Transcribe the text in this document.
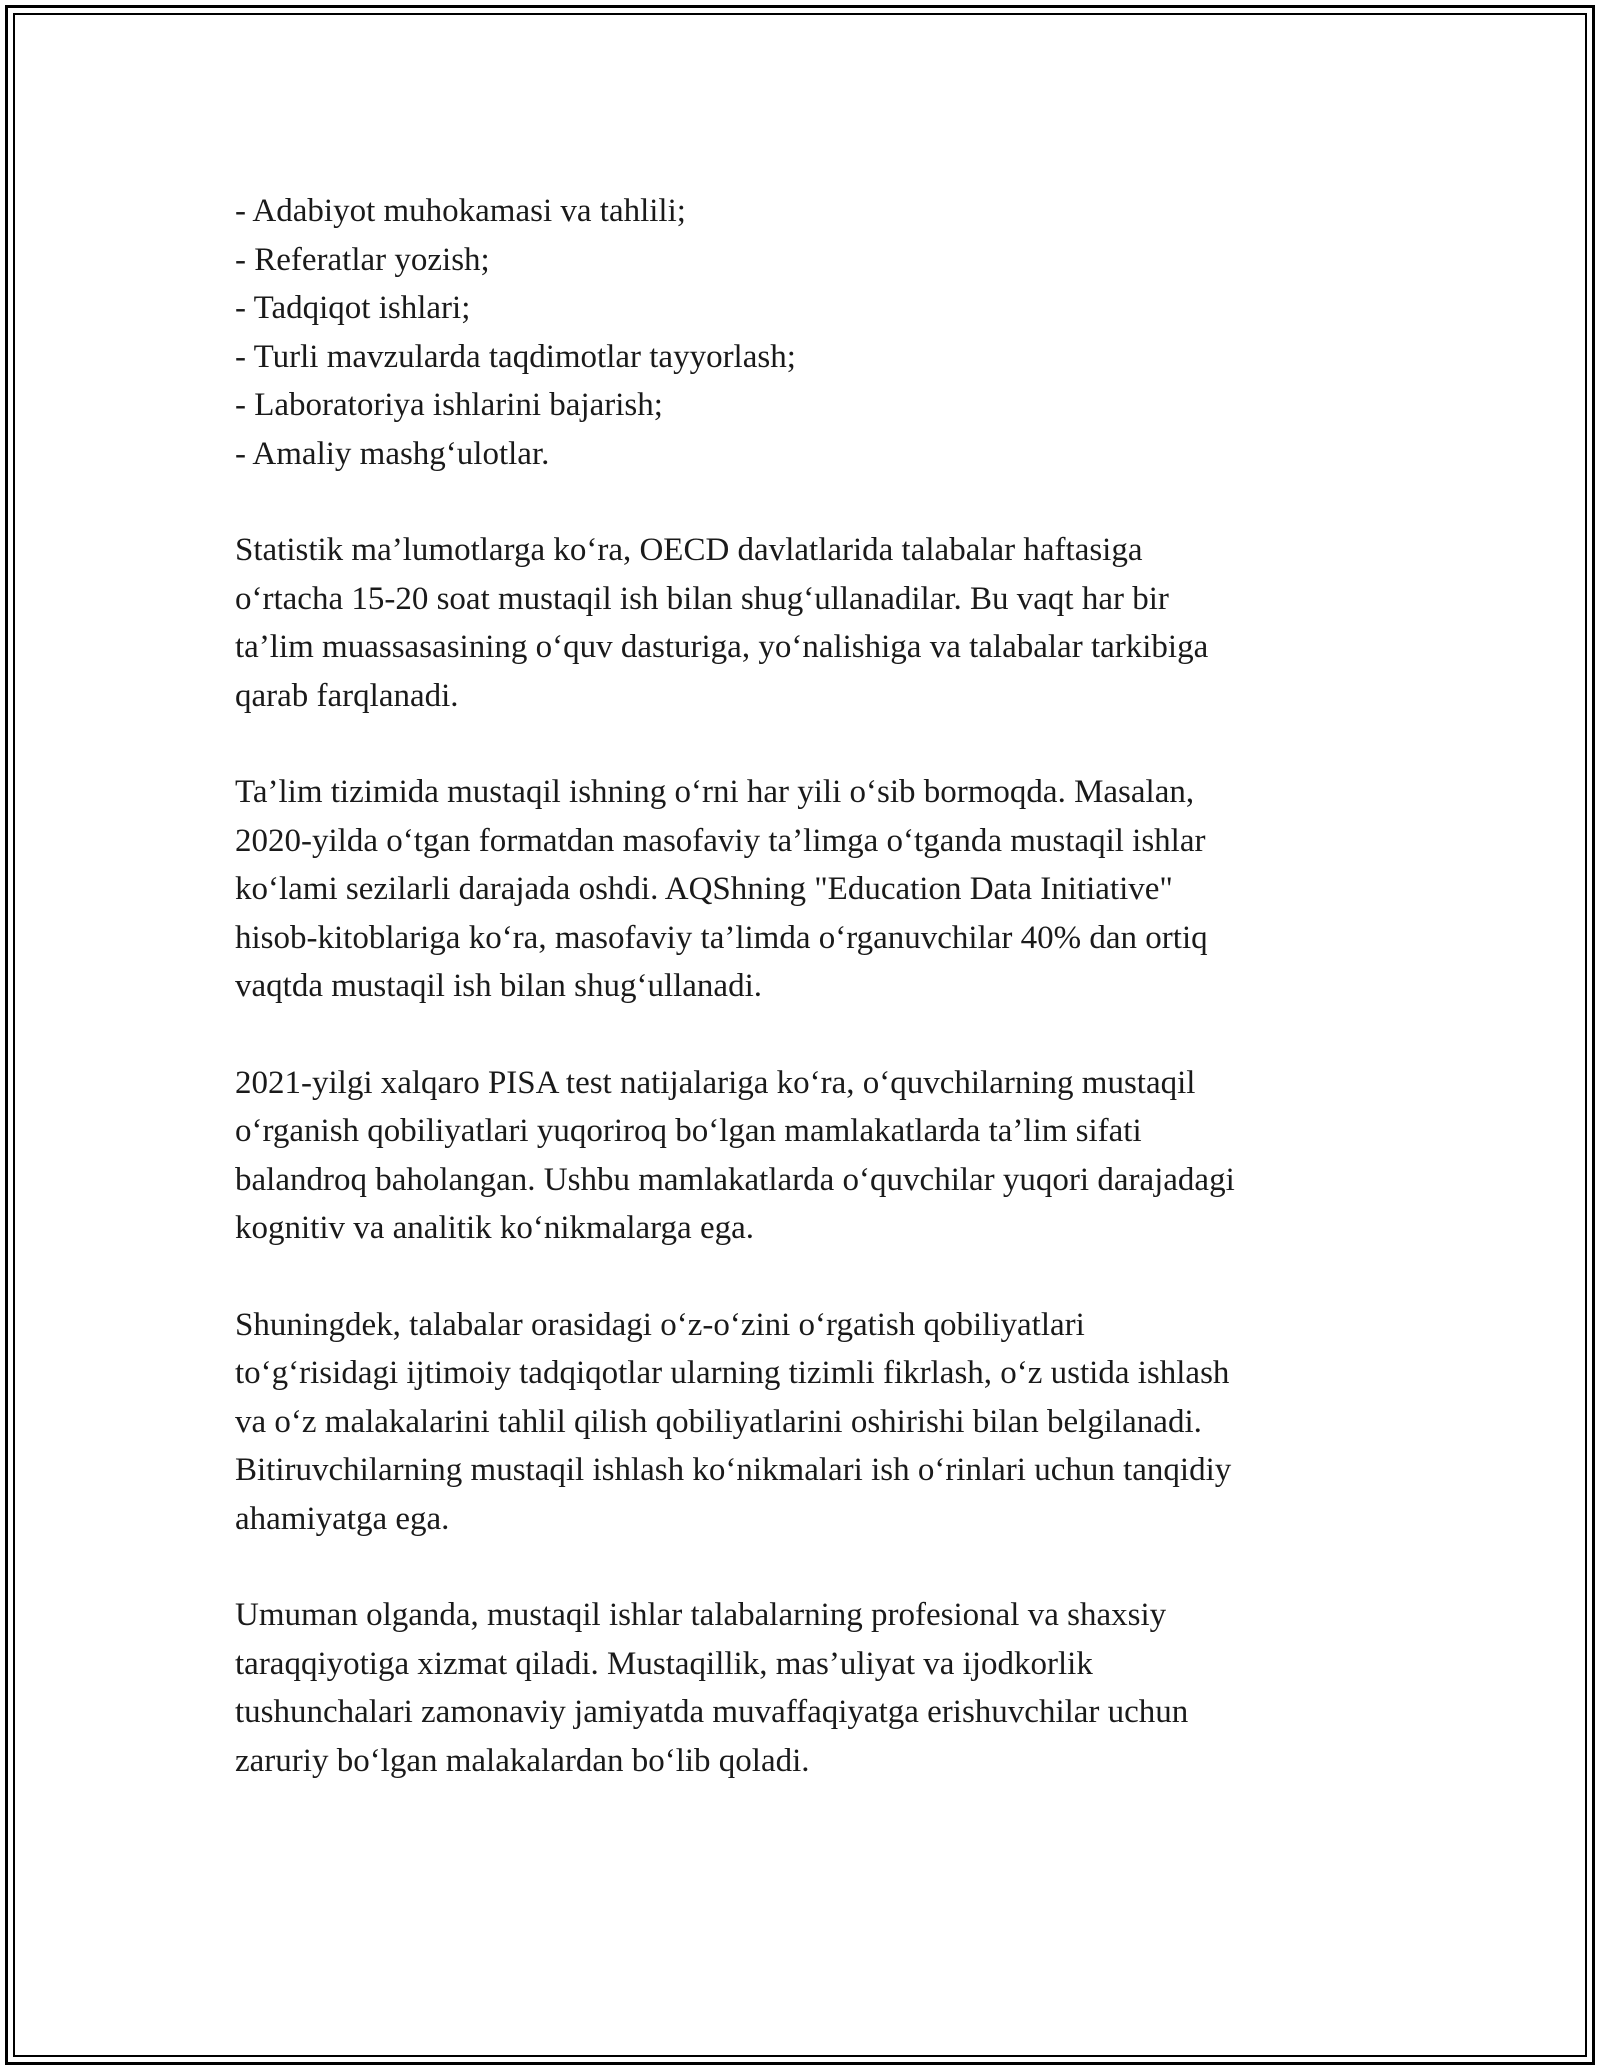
- Adabiyot muhokamasi va tahlili;
- Referatlar yozish;
- Tadqiqot ishlari;
- Turli mavzularda taqdimotlar tayyorlash;
- Laboratoriya ishlarini bajarish;
- Amaliy mashg‘ulotlar.

Statistik ma’lumotlarga ko‘ra, OECD davlatlarida talabalar haftasiga
o‘rtacha 15-20 soat mustaqil ish bilan shug‘ullanadilar. Bu vaqt har bir
ta’lim muassasasining o‘quv dasturiga, yo‘nalishiga va talabalar tarkibiga
qarab farqlanadi.

Ta’lim tizimida mustaqil ishning o‘rni har yili o‘sib bormoqda. Masalan,
2020-yilda o‘tgan formatdan masofaviy ta’limga o‘tganda mustaqil ishlar
ko‘lami sezilarli darajada oshdi. AQShning "Education Data Initiative"
hisob-kitoblariga ko‘ra, masofaviy ta’limda o‘rganuvchilar 40% dan ortiq
vaqtda mustaqil ish bilan shug‘ullanadi.

2021-yilgi xalqaro PISA test natijalariga ko‘ra, o‘quvchilarning mustaqil
o‘rganish qobiliyatlari yuqoriroq bo‘lgan mamlakatlarda ta’lim sifati
balandroq baholangan. Ushbu mamlakatlarda o‘quvchilar yuqori darajadagi
kognitiv va analitik ko‘nikmalarga ega.

Shuningdek, talabalar orasidagi o‘z-o‘zini o‘rgatish qobiliyatlari
to‘g‘risidagi ijtimoiy tadqiqotlar ularning tizimli fikrlash, o‘z ustida ishlash
va o‘z malakalarini tahlil qilish qobiliyatlarini oshirishi bilan belgilanadi.
Bitiruvchilarning mustaqil ishlash ko‘nikmalari ish o‘rinlari uchun tanqidiy
ahamiyatga ega.

Umuman olganda, mustaqil ishlar talabalarning profesional va shaxsiy
taraqqiyotiga xizmat qiladi. Mustaqillik, mas’uliyat va ijodkorlik
tushunchalari zamonaviy jamiyatda muvaffaqiyatga erishuvchilar uchun
zaruriy bo‘lgan malakalardan bo‘lib qoladi.
